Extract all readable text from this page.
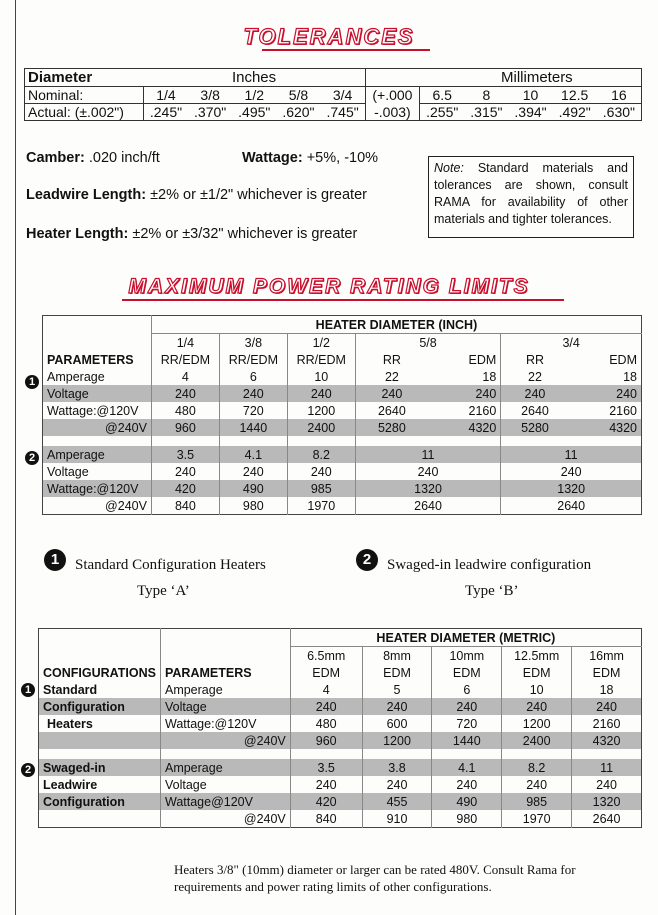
TOLERANCES
Diameter	Inches					Millimeters					
Nominal:	1/4	3/8	1/2	5/8	3/4	(+.000	6.5	8	10	12.5	16
Actual: (±.002")	.245"	.370"	.495"	.620"	.745"	-.003)	.255"	.315"	.394"	.492"	.630"
Camber: .020 inch/ft	Wattage: +5%, -10%
Leadwire Length: ±2% or ±1/2" whichever is greater
Heater Length: ±2% or ±3/32" whichever is greater
Note: Standard materials and tolerances are shown, consult RAMA for availability of other materials and tighter tolerances.
MAXIMUM POWER RATING LIMITS
	HEATER DIAMETER (INCH)						
	1/4	3/8	1/2	5/8		3/4	
PARAMETERS	RR/EDM	RR/EDM	RR/EDM	RR	EDM	RR	EDM
Amperage	4	6	10	22	18	22	18
Voltage	240	240	240	240	240	240	240
Wattage:@120V	480	720	1200	2640	2160	2640	2160
@240V	960	1440	2400	5280	4320	5280	4320

Amperage	3.5	4.1	8.2	11		11	
Voltage	240	240	240	240		240	
Wattage:@120V	420	490	985	1320		1320	
@240V	840	980	1970	2640		2640	
1
2
1	Standard Configuration Heaters
Type ‘A’
2	Swaged-in leadwire configuration
Type ‘B’
		HEATER DIAMETER (METRIC)				
		6.5mm	8mm	10mm	12.5mm	16mm
CONFIGURATIONS	PARAMETERS	EDM	EDM	EDM	EDM	EDM
Standard	Amperage	4	5	6	10	18
Configuration	Voltage	240	240	240	240	240
Heaters	Wattage:@120V	480	600	720	1200	2160
	@240V	960	1200	1440	2400	4320

Swaged-in	Amperage	3.5	3.8	4.1	8.2	11
Leadwire	Voltage	240	240	240	240	240
Configuration	Wattage@120V	420	455	490	985	1320
	@240V	840	910	980	1970	2640
1
2
Heaters 3/8" (10mm) diameter or larger can be rated 480V. Consult Rama for requirements and power rating limits of other configurations.
